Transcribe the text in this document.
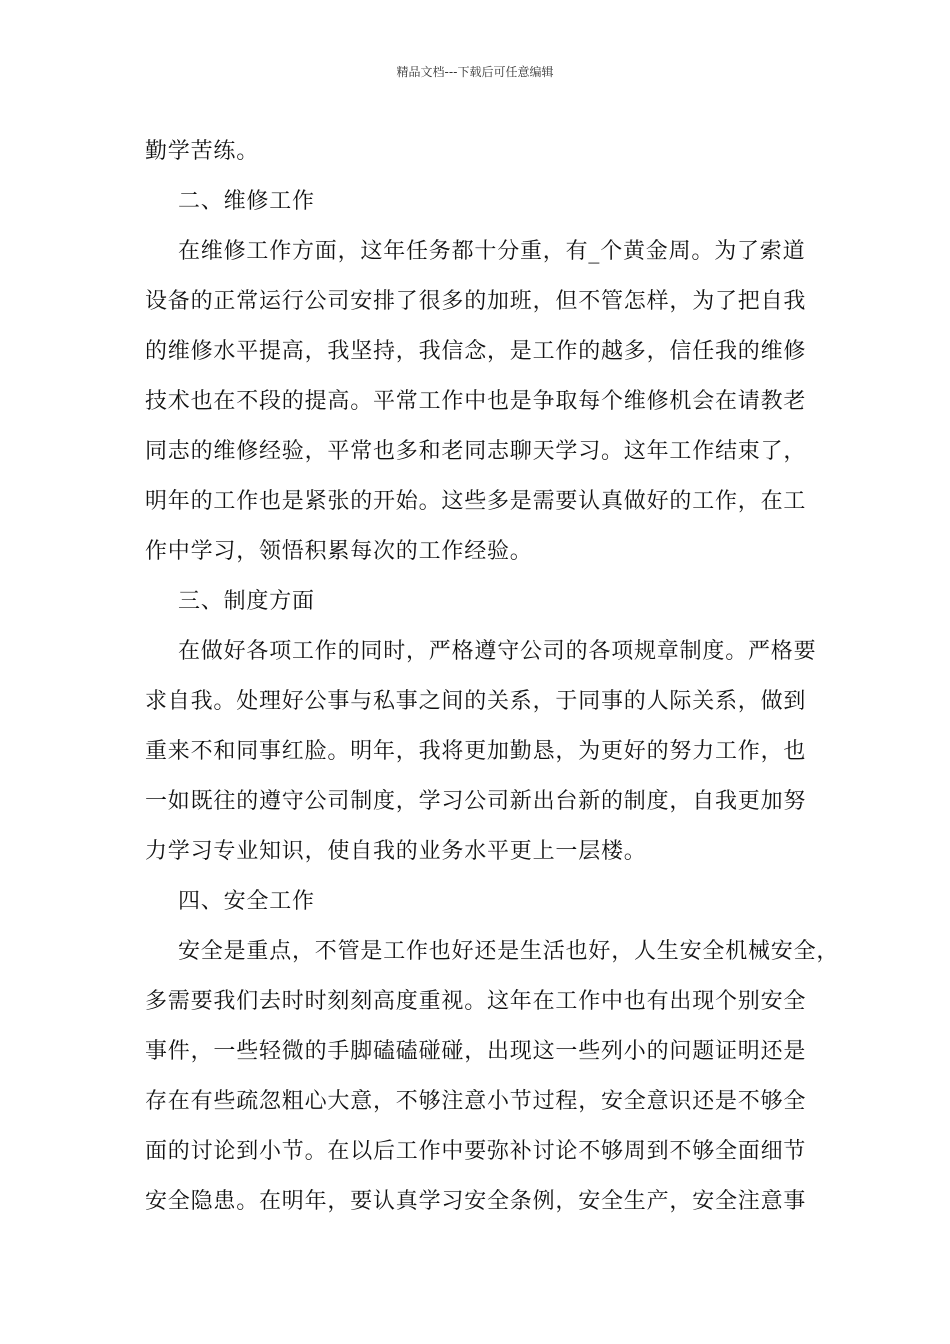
精品文档---下载后可任意编辑
勤学苦练。
二、维修工作
在维修工作方面，这年任务都十分重，有_个黄金周。为了索道
设备的正常运行公司安排了很多的加班，但不管怎样，为了把自我
的维修水平提高，我坚持，我信念，是工作的越多，信任我的维修
技术也在不段的提高。平常工作中也是争取每个维修机会在请教老
同志的维修经验，平常也多和老同志聊天学习。这年工作结束了，
明年的工作也是紧张的开始。这些多是需要认真做好的工作，在工
作中学习，领悟积累每次的工作经验。
三、制度方面
在做好各项工作的同时，严格遵守公司的各项规章制度。严格要
求自我。处理好公事与私事之间的关系，于同事的人际关系，做到
重来不和同事红脸。明年，我将更加勤恳，为更好的努力工作，也
一如既往的遵守公司制度，学习公司新出台新的制度，自我更加努
力学习专业知识，使自我的业务水平更上一层楼。
四、安全工作
安全是重点，不管是工作也好还是生活也好，人生安全机械安全，
多需要我们去时时刻刻高度重视。这年在工作中也有出现个别安全
事件，一些轻微的手脚磕磕碰碰，出现这一些列小的问题证明还是
存在有些疏忽粗心大意，不够注意小节过程，安全意识还是不够全
面的讨论到小节。在以后工作中要弥补讨论不够周到不够全面细节
安全隐患。在明年，要认真学习安全条例，安全生产，安全注意事
